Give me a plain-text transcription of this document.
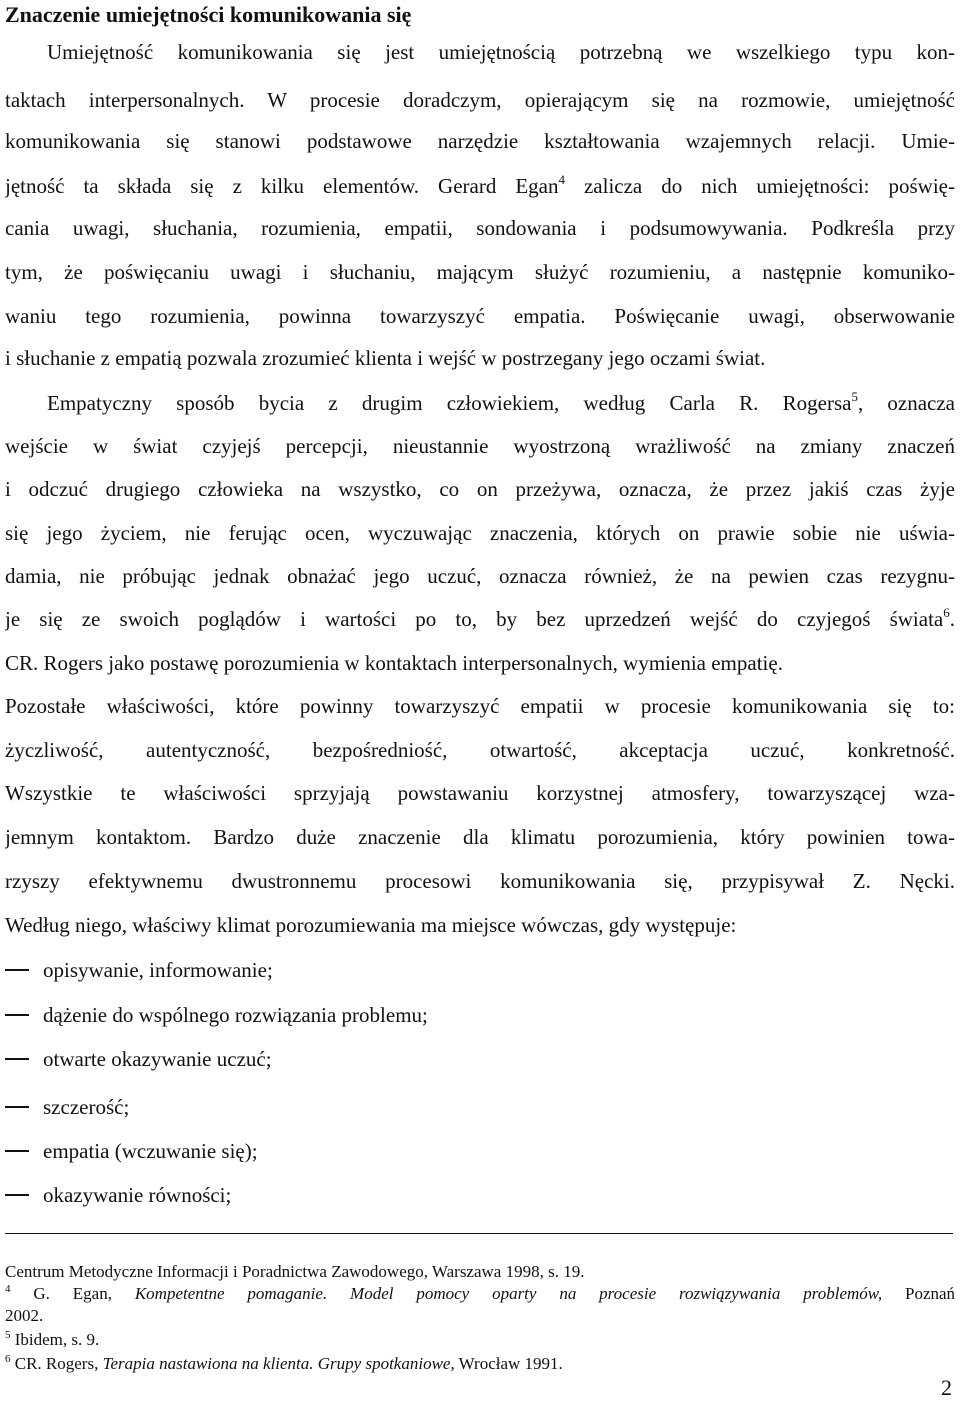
Znaczenie umiejętności komunikowania się
Umiejętność komunikowania się jest umiejętnością potrzebną we wszelkiego typu kon-
taktach interpersonalnych. W procesie doradczym, opierającym się na rozmowie, umiejętność
komunikowania się stanowi podstawowe narzędzie kształtowania wzajemnych relacji. Umie-
jętność ta składa się z kilku elementów. Gerard Egan$^4$ zalicza do nich umiejętności: poświę-
cania uwagi, słuchania, rozumienia, empatii, sondowania i podsumowywania. Podkreśla przy
tym, że poświęcaniu uwagi i słuchaniu, mającym służyć rozumieniu, a następnie komuniko-
waniu tego rozumienia, powinna towarzyszyć empatia. Poświęcanie uwagi, obserwowanie
i słuchanie z empatią pozwala zrozumieć klienta i wejść w postrzegany jego oczami świat.
Empatyczny sposób bycia z drugim człowiekiem, według Carla R. Rogersa$^5$, oznacza
wejście w świat czyjejś percepcji, nieustannie wyostrzoną wrażliwość na zmiany znaczeń
i odczuć drugiego człowieka na wszystko, co on przeżywa, oznacza, że przez jakiś czas żyje
się jego życiem, nie ferując ocen, wyczuwając znaczenia, których on prawie sobie nie uświa-
damia, nie próbując jednak obnażać jego uczuć, oznacza również, że na pewien czas rezygnu-
je się ze swoich poglądów i wartości po to, by bez uprzedzeń wejść do czyjegoś świata$^6$.
CR. Rogers jako postawę porozumienia w kontaktach interpersonalnych, wymienia empatię.
Pozostałe właściwości, które powinny towarzyszyć empatii w procesie komunikowania się to:
życzliwość, autentyczność, bezpośredniość, otwartość, akceptacja uczuć, konkretność.
Wszystkie te właściwości sprzyjają powstawaniu korzystnej atmosfery, towarzyszącej wza-
jemnym kontaktom. Bardzo duże znaczenie dla klimatu porozumienia, który powinien towa-
rzyszy efektywnemu dwustronnemu procesowi komunikowania się, przypisywał Z. Nęcki.
Według niego, właściwy klimat porozumiewania ma miejsce wówczas, gdy występuje:
opisywanie, informowanie;
dążenie do wspólnego rozwiązania problemu;
otwarte okazywanie uczuć;
szczerość;
empatia (wczuwanie się);
okazywanie równości;
Centrum Metodyczne Informacji i Poradnictwa Zawodowego, Warszawa 1998, s. 19.
$^4$ G. Egan, Kompetentne pomaganie. Model pomocy oparty na procesie rozwiązywania problemów, Poznań
2002.
$^5$ Ibidem, s. 9.
$^6$ CR. Rogers, Terapia nastawiona na klienta. Grupy spotkaniowe, Wrocław 1991.
2
